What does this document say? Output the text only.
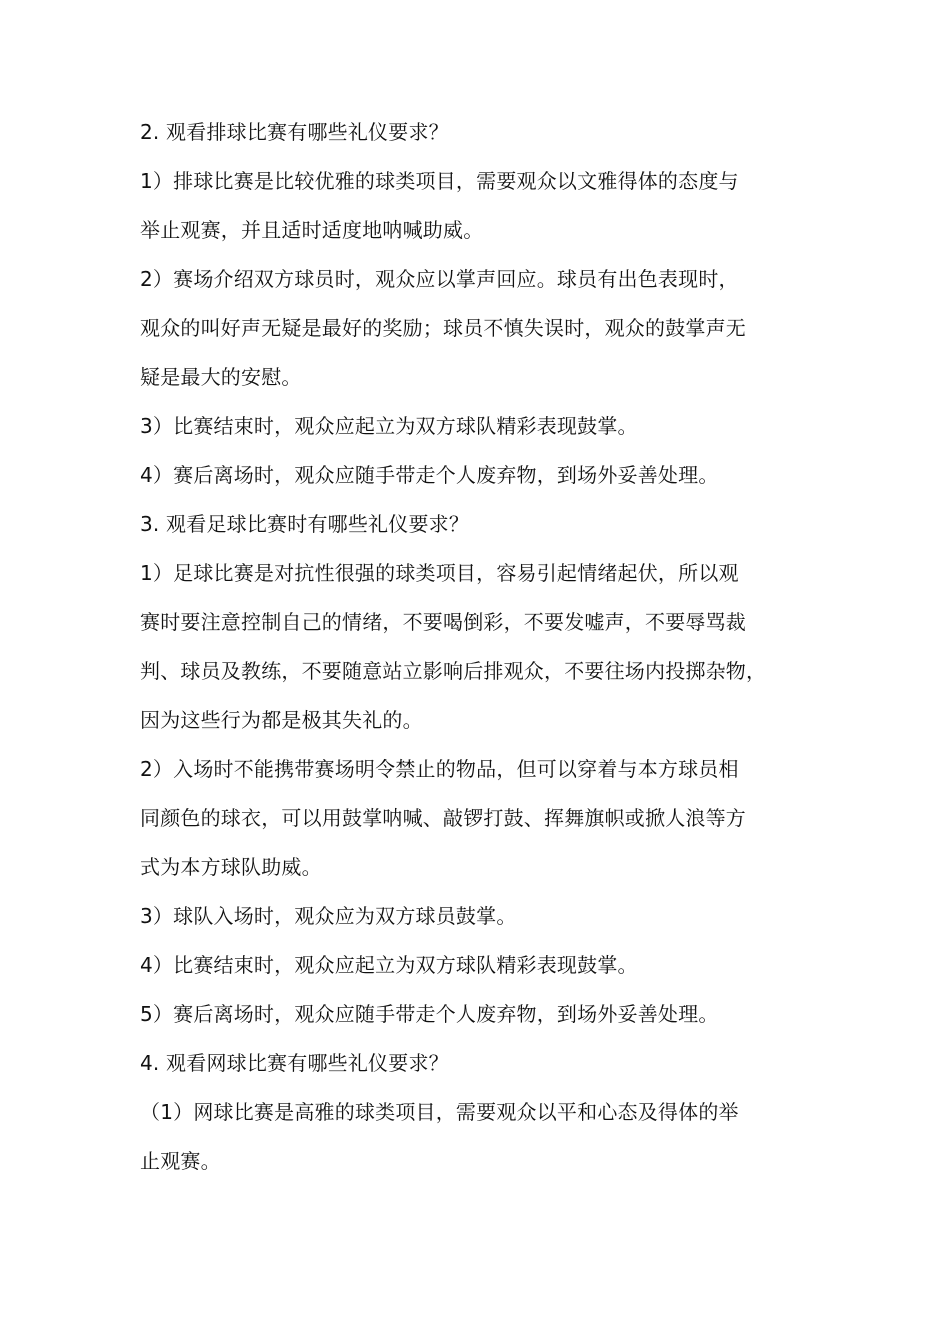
2. 观看排球比赛有哪些礼仪要求？
1）排球比赛是比较优雅的球类项目，需要观众以文雅得体的态度与
举止观赛，并且适时适度地呐喊助威。
2）赛场介绍双方球员时，观众应以掌声回应。球员有出色表现时，
观众的叫好声无疑是最好的奖励；球员不慎失误时，观众的鼓掌声无
疑是最大的安慰。
3）比赛结束时，观众应起立为双方球队精彩表现鼓掌。
4）赛后离场时，观众应随手带走个人废弃物，到场外妥善处理。
3. 观看足球比赛时有哪些礼仪要求？
1）足球比赛是对抗性很强的球类项目，容易引起情绪起伏，所以观
赛时要注意控制自己的情绪，不要喝倒彩，不要发嘘声，不要辱骂裁
判、球员及教练，不要随意站立影响后排观众，不要往场内投掷杂物，
因为这些行为都是极其失礼的。
2）入场时不能携带赛场明令禁止的物品，但可以穿着与本方球员相
同颜色的球衣，可以用鼓掌呐喊、敲锣打鼓、挥舞旗帜或掀人浪等方
式为本方球队助威。
3）球队入场时，观众应为双方球员鼓掌。
4）比赛结束时，观众应起立为双方球队精彩表现鼓掌。
5）赛后离场时，观众应随手带走个人废弃物，到场外妥善处理。
4. 观看网球比赛有哪些礼仪要求？
（1）网球比赛是高雅的球类项目，需要观众以平和心态及得体的举
止观赛。
